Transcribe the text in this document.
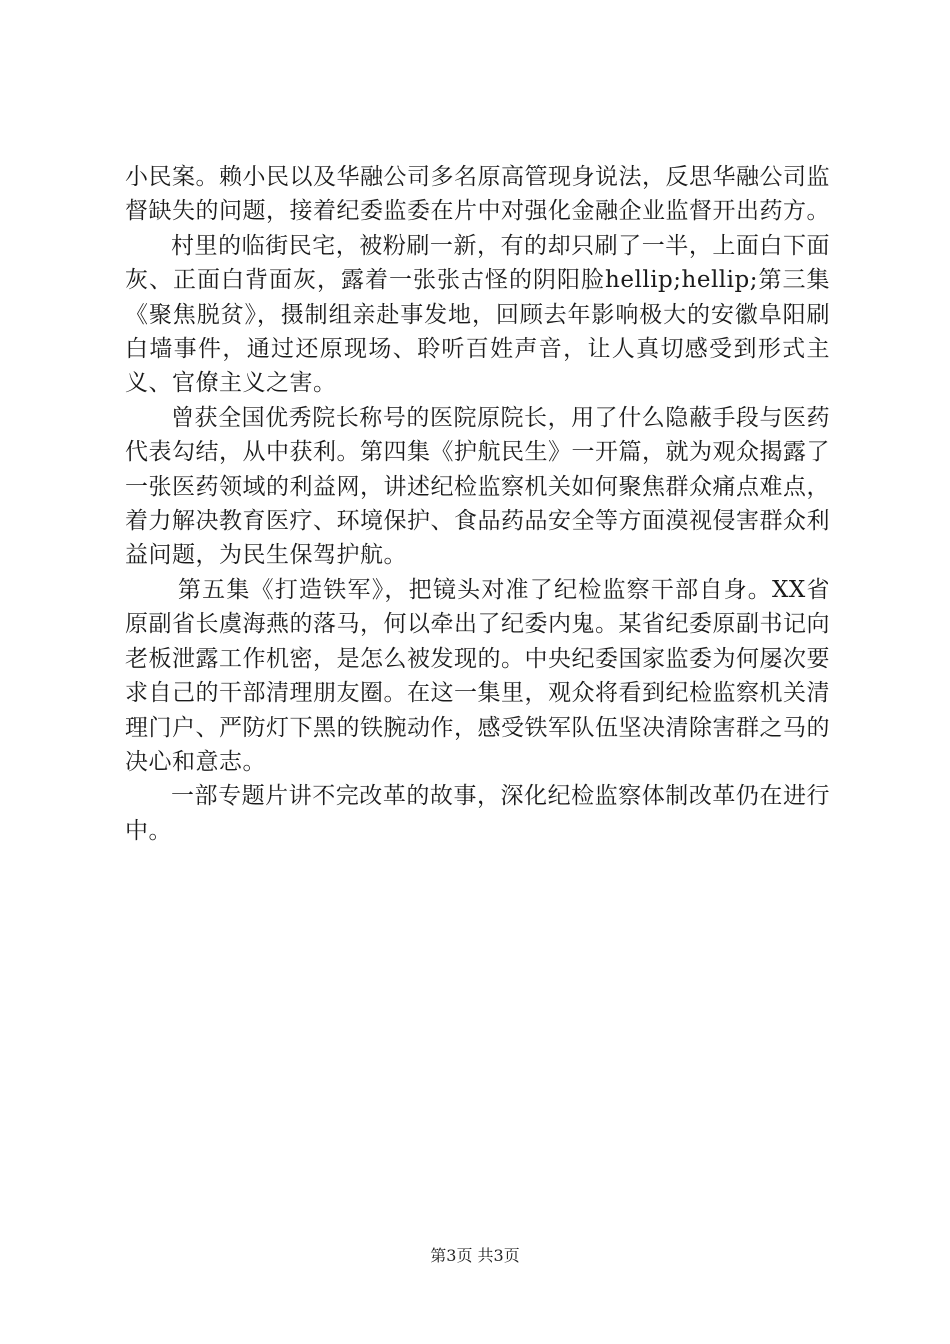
小民案。赖小民以及华融公司多名原高管现身说法，反思华融公司监督缺失的问题，接着纪委监委在片中对强化金融企业监督开出药方。

村里的临街民宅，被粉刷一新，有的却只刷了一半，上面白下面灰、正面白背面灰，露着一张张古怪的阴阳脸hellip;hellip;第三集《聚焦脱贫》，摄制组亲赴事发地，回顾去年影响极大的安徽阜阳刷白墙事件，通过还原现场、聆听百姓声音，让人真切感受到形式主义、官僚主义之害。

曾获全国优秀院长称号的医院原院长，用了什么隐蔽手段与医药代表勾结，从中获利。第四集《护航民生》一开篇，就为观众揭露了一张医药领域的利益网，讲述纪检监察机关如何聚焦群众痛点难点，着力解决教育医疗、环境保护、食品药品安全等方面漠视侵害群众利益问题，为民生保驾护航。

第五集《打造铁军》，把镜头对准了纪检监察干部自身。XX省原副省长虞海燕的落马，何以牵出了纪委内鬼。某省纪委原副书记向老板泄露工作机密，是怎么被发现的。中央纪委国家监委为何屡次要求自己的干部清理朋友圈。在这一集里，观众将看到纪检监察机关清理门户、严防灯下黑的铁腕动作，感受铁军队伍坚决清除害群之马的决心和意志。

一部专题片讲不完改革的故事，深化纪检监察体制改革仍在进行中。

第3页 共3页
